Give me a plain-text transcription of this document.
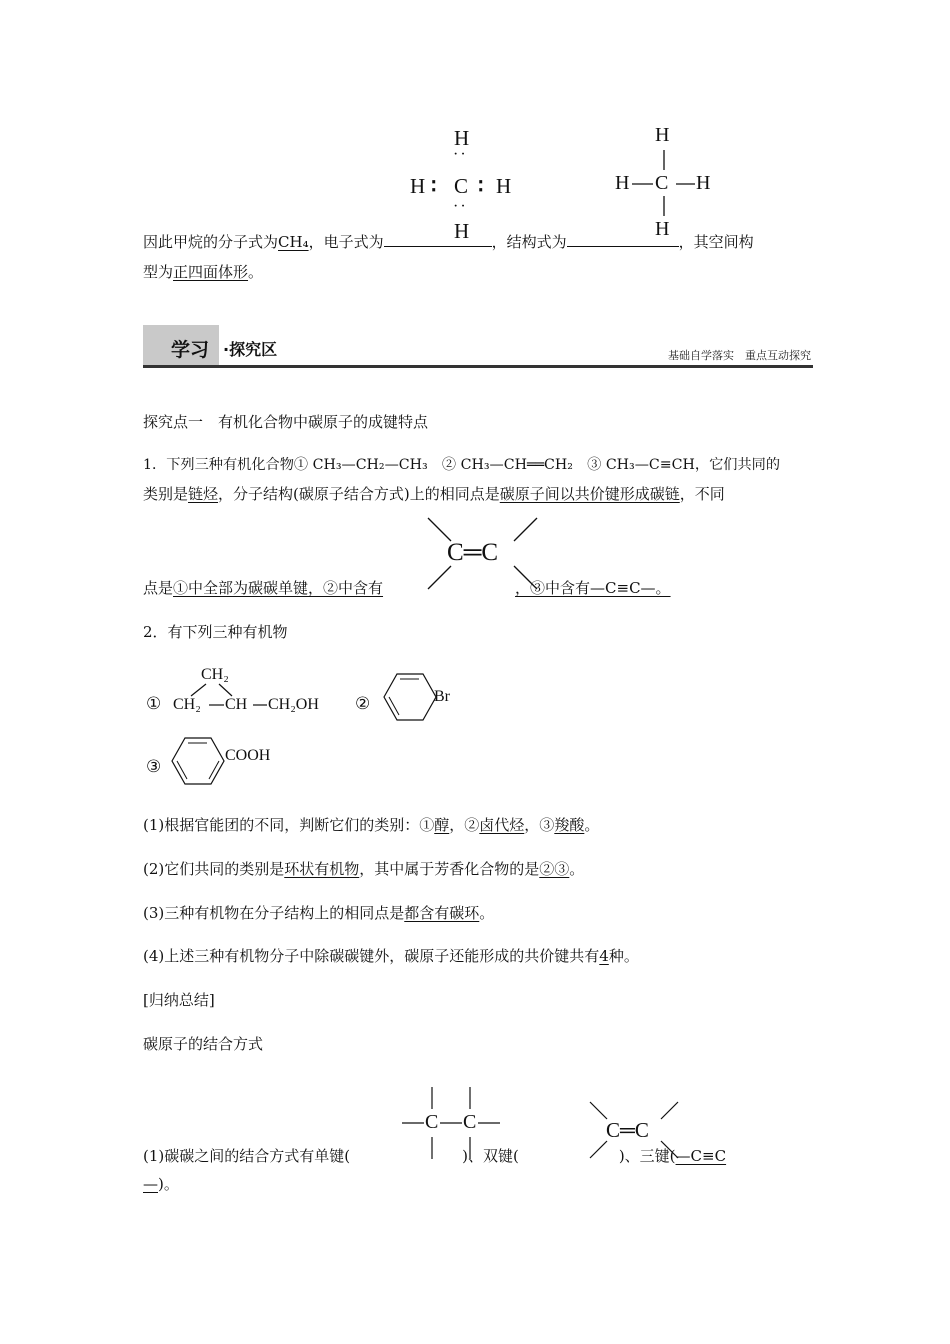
H
··
H ∶ C ∶ H
··
H
H
H C H
H
因此甲烷的分子式为CH₄，电子式为	，结构式为	，其空间构
型为正四面体形。
学习 ·探究区	基础自学落实　重点互动探究
探究点一　有机化合物中碳原子的成键特点
1．下列三种有机化合物① CH₃—CH₂—CH₃　② CH₃—CH══CH₂　③ CH₃—C≡CH，它们共同的
类别是链烃，分子结构(碳原子结合方式)上的相同点是碳原子间以共价键形成碳链，不同
C═C
点是①中全部为碳碳单键，②中含有	，③中含有—C≡C—。
2．有下列三种有机物
①
CH₂
CH₂ CH CH₂OH ②	Br
③
COOH
(1)根据官能团的不同，判断它们的类别：①醇，②卤代烃，③羧酸。
(2)它们共同的类别是环状有机物，其中属于芳香化合物的是②③。
(3)三种有机物在分子结构上的相同点是都含有碳环。
(4)上述三种有机物分子中除碳碳键外，碳原子还能形成的共价键共有4种。
[归纳总结]
碳原子的结合方式
C C	C═C
(1)碳碳之间的结合方式有单键(	)、双键(	)、三键(—C≡C
—)。
